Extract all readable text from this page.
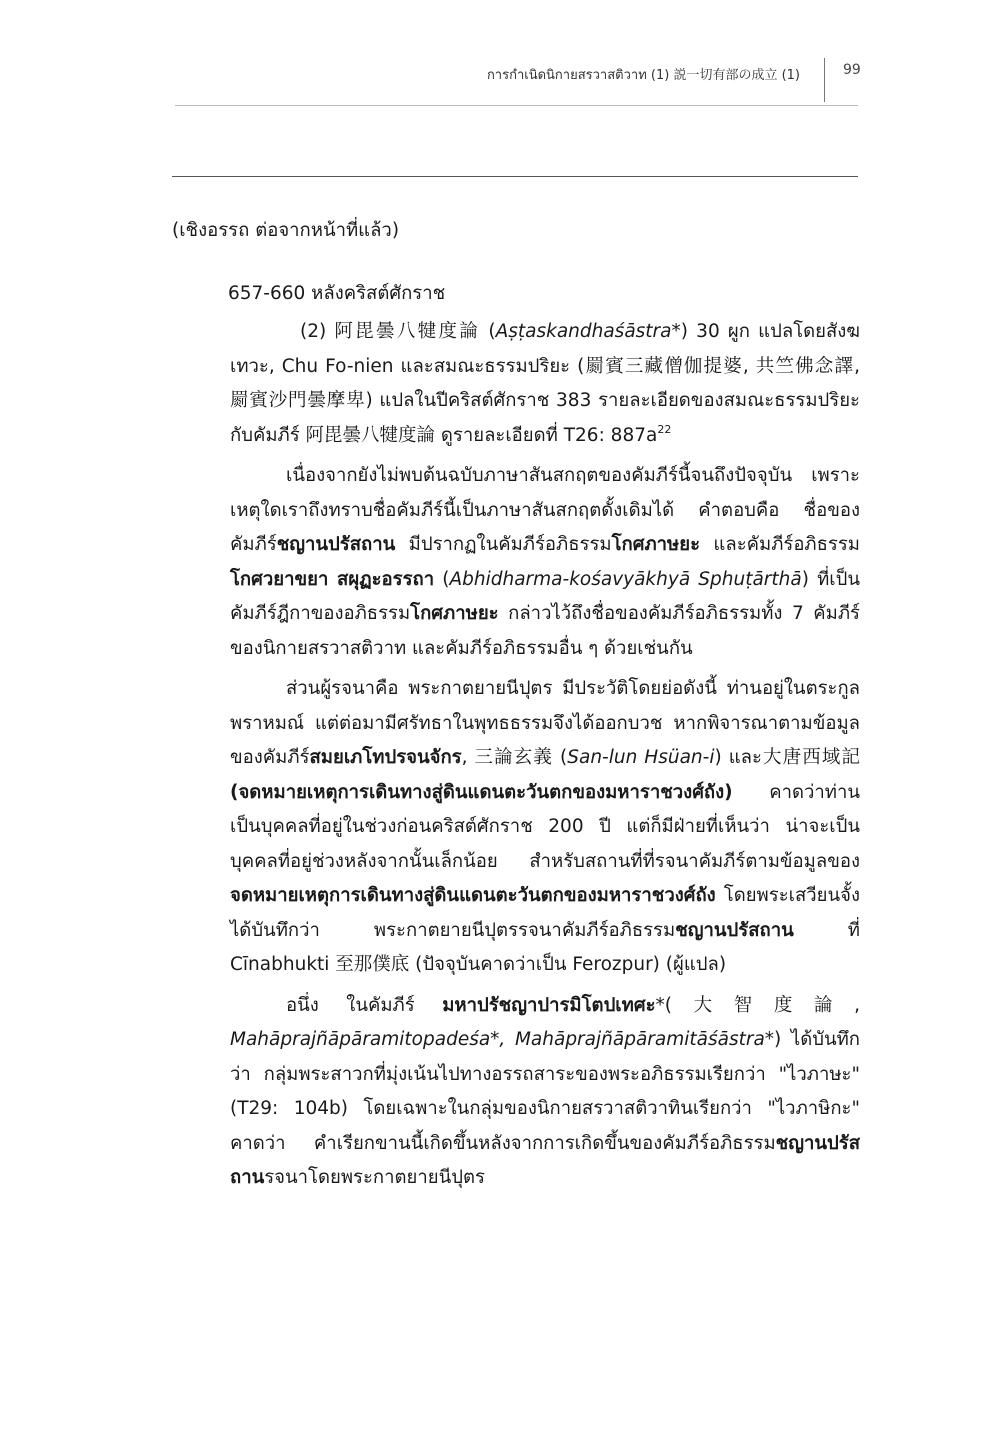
การกำเนิดนิกายสรวาสติวาท (1) 説一切有部の成立 (1)	99

(เชิงอรรถ ต่อจากหน้าที่แล้ว)

657-660 หลังคริสต์ศักราช

(2) 阿毘曇八犍度論 (Aṣṭaskandhaśāstra*) 30 ผูก แปลโดยสังฆเทวะ, Chu Fo-nien และสมณะธรรมปริยะ (罽賓三藏僧伽提婆, 共竺佛念譯, 罽賓沙門曇摩卑) แปลในปีคริสต์ศักราช 383 รายละเอียดของสมณะธรรมปริยะกับคัมภีร์ 阿毘曇八犍度論 ดูรายละเอียดที่ T26: $887a^{22}$

เนื่องจากยังไม่พบต้นฉบับภาษาสันสกฤตของคัมภีร์นี้จนถึงปัจจุบัน เพราะเหตุใดเราถึงทราบชื่อคัมภีร์นี้เป็นภาษาสันสกฤตดั้งเดิมได้ คำตอบคือ ชื่อของคัมภีร์ชญานปรัสถาน มีปรากฏในคัมภีร์อภิธรรมโกศภาษยะ และคัมภีร์อภิธรรมโกศวยาขยา สผุฏะอรรถา (Abhidharma-kośavyākhyā Sphuṭārthā) ที่เป็นคัมภีร์ฎีกาของอภิธรรมโกศภาษยะ กล่าวไว้ถึงชื่อของคัมภีร์อภิธรรมทั้ง 7 คัมภีร์ของนิกายสรวาสติวาท และคัมภีร์อภิธรรมอื่น ๆ ด้วยเช่นกัน

ส่วนผู้รจนาคือ พระกาตยายนีปุตร มีประวัติโดยย่อดังนี้ ท่านอยู่ในตระกูลพราหมณ์ แต่ต่อมามีศรัทธาในพุทธธรรมจึงได้ออกบวช หากพิจารณาตามข้อมูลของคัมภีร์สมยเภโทปรจนจักร, 三論玄義 (San-lun Hsüan-i) และ大唐西域記 (จดหมายเหตุการเดินทางสู่ดินแดนตะวันตกของมหาราชวงศ์ถัง) คาดว่าท่านเป็นบุคคลที่อยู่ในช่วงก่อนคริสต์ศักราช 200 ปี แต่ก็มีฝ่ายที่เห็นว่า น่าจะเป็นบุคคลที่อยู่ช่วงหลังจากนั้นเล็กน้อย สำหรับสถานที่ที่รจนาคัมภีร์ตามข้อมูลของจดหมายเหตุการเดินทางสู่ดินแดนตะวันตกของมหาราชวงศ์ถัง โดยพระเสวียนจั้งได้บันทึกว่า พระกาตยายนีปุตรรจนาคัมภีร์อภิธรรมชญานปรัสถาน ที่ Cīnabhukti 至那僕底 (ปัจจุบันคาดว่าเป็น Ferozpur) (ผู้แปล)

อนึ่ง ในคัมภีร์ มหาปรัชญาปารมิโตปเทศะ*(大智度論, Mahāprajñāpāramitopadeśa*, Mahāprajñāpāramitāśāstra*) ได้บันทึกว่า กลุ่มพระสาวกที่มุ่งเน้นไปทางอรรถสาระของพระอภิธรรมเรียกว่า "ไวภาษะ"(T29: 104b) โดยเฉพาะในกลุ่มของนิกายสรวาสติวาทินเรียกว่า "ไวภาษิกะ" คาดว่า คำเรียกขานนี้เกิดขึ้นหลังจากการเกิดขึ้นของคัมภีร์อภิธรรมชญานปรัสถานรจนาโดยพระกาตยายนีปุตร
